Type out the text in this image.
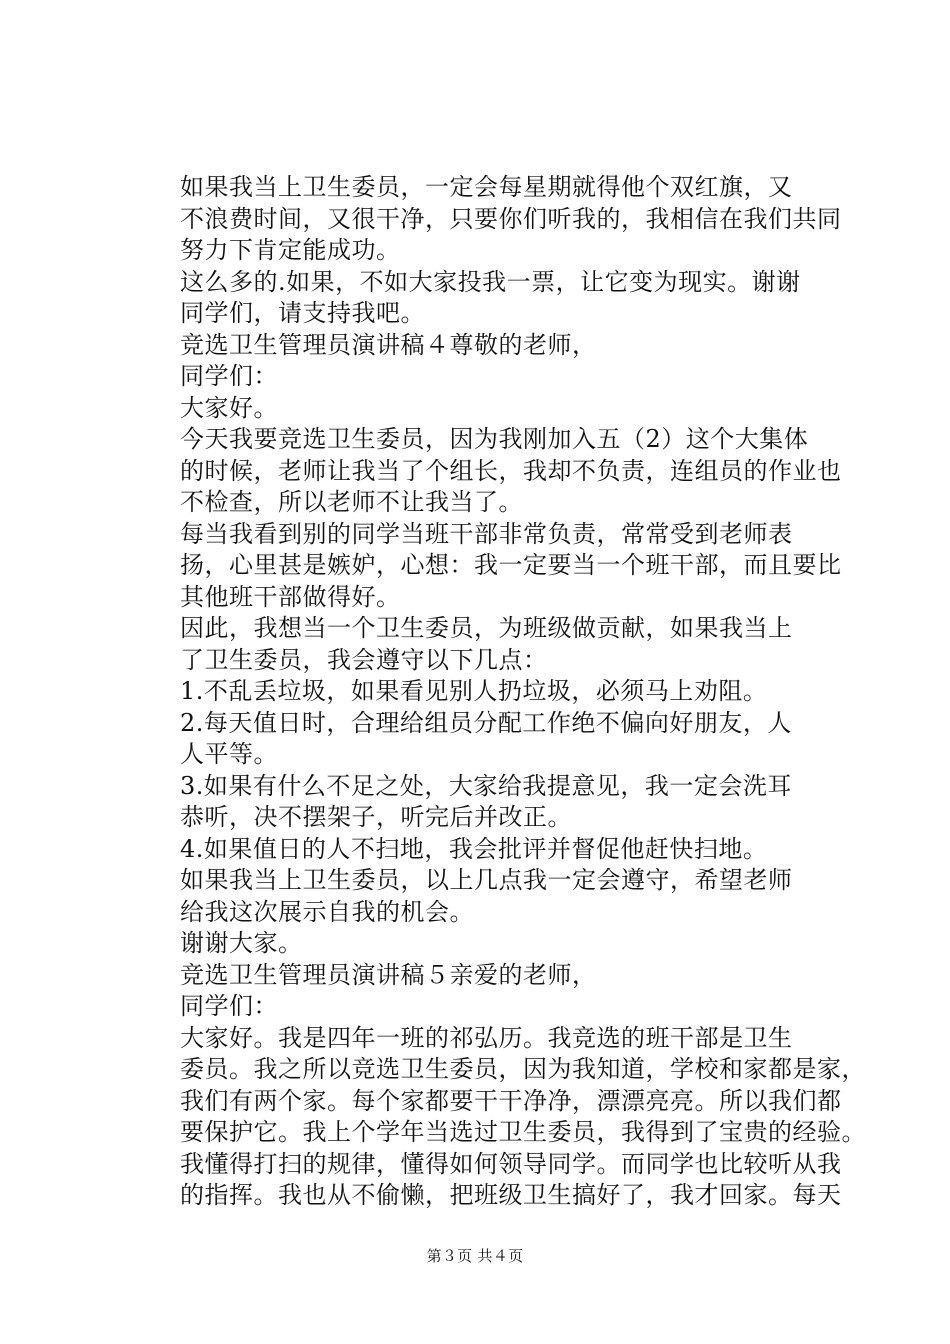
如果我当上卫生委员，一定会每星期就得他个双红旗，又
不浪费时间，又很干净，只要你们听我的，我相信在我们共同
努力下肯定能成功。

这么多的.如果，不如大家投我一票，让它变为现实。谢谢
同学们，请支持我吧。

竞选卫生管理员演讲稿４尊敬的老师，

同学们：

大家好。

今天我要竞选卫生委员，因为我刚加入五（2）这个大集体
的时候，老师让我当了个组长，我却不负责，连组员的作业也
不检查，所以老师不让我当了。

每当我看到别的同学当班干部非常负责，常常受到老师表
扬，心里甚是嫉妒，心想：我一定要当一个班干部，而且要比
其他班干部做得好。

因此，我想当一个卫生委员，为班级做贡献，如果我当上
了卫生委员，我会遵守以下几点：

1.不乱丢垃圾，如果看见别人扔垃圾，必须马上劝阻。

2.每天值日时，合理给组员分配工作绝不偏向好朋友，人
人平等。

3.如果有什么不足之处，大家给我提意见，我一定会洗耳
恭听，决不摆架子，听完后并改正。

4.如果值日的人不扫地，我会批评并督促他赶快扫地。

如果我当上卫生委员，以上几点我一定会遵守，希望老师
给我这次展示自我的机会。

谢谢大家。

竞选卫生管理员演讲稿５亲爱的老师，

同学们：

大家好。我是四年一班的祁弘历。我竞选的班干部是卫生
委员。我之所以竞选卫生委员，因为我知道，学校和家都是家，
我们有两个家。每个家都要干干净净，漂漂亮亮。所以我们都
要保护它。我上个学年当选过卫生委员，我得到了宝贵的经验。
我懂得打扫的规律，懂得如何领导同学。而同学也比较听从我
的指挥。我也从不偷懒，把班级卫生搞好了，我才回家。每天

第３页 共４页
